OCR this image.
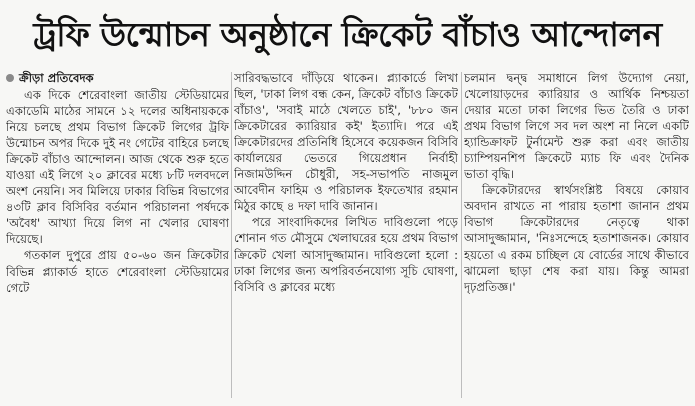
ট্রফি উন্মোচন অনুষ্ঠানে ক্রিকেট বাঁচাও আন্দোলন
ক্রীড়া প্রতিবেদক

এক দিকে শেরেবাংলা জাতীয় স্টেডিয়ামের একাডেমি মাঠের সামনে ১২ দলের অধিনায়ককে নিয়ে চলছে প্রথম বিভাগ ক্রিকেট লিগের ট্রফি উন্মোচন অপর দিকে দুই নং গেটের বাহিরে চলছে ক্রিকেট বাঁচাও আন্দোলন। আজ থেকে শুরু হতে যাওয়া এই লিগে ২০ ক্লাবের মধ্যে ৮টি দলবদলে অংশ নেয়নি। সব মিলিয়ে ঢাকার বিভিন্ন বিভাগের ৪৩টি ক্লাব বিসিবির বর্তমান পরিচালনা পর্ষদকে 'অবৈধ' আখ্যা দিয়ে লিগ না খেলার ঘোষণা দিয়েছে।

গতকাল দুপুরে প্রায় ৫০-৬০ জন ক্রিকেটার বিভিন্ন প্ল্যাকার্ড হাতে শেরেবাংলা স্টেডিয়ামের গেটে

সারিবদ্ধভাবে দাঁড়িয়ে থাকেন। প্ল্যাকার্ডে লিখা ছিল, 'ঢাকা লিগ বন্ধ কেন, ক্রিকেট বাঁচাও ক্রিকেট বাঁচাও', 'সবাই মাঠে খেলতে চাই', '৮৮০ জন ক্রিকেটারের ক্যারিয়ার কই' ইত্যাদি। পরে এই ক্রিকেটারদের প্রতিনিধি হিসেবে কয়েকজন বিসিবি কার্যালয়ের ভেতরে গিয়েপ্রধান নির্বাহী নিজামউদ্দিন চৌধুরী, সহ-সভাপতি নাজমুল আবেদীন ফাহিম ও পরিচালক ইফতেখার রহমান মিঠুর কাছে ৪ দফা দাবি জানান।

পরে সাংবাদিকদের লিখিত দাবিগুলো পড়ে শোনান গত মৌসুমে খেলাঘরের হয়ে প্রথম বিভাগ ক্রিকেট খেলা আসাদুজ্জামান। দাবিগুলো হলো : ঢাকা লিগের জন্য অপরিবর্তনযোগ্য সূচি ঘোষণা, বিসিবি ও ক্লাবের মধ্যে

চলমান দ্বন্দ্ব সমাধানে লিগ উদ্যোগ নেয়া, খেলোয়াড়দের ক্যারিয়ার ও আর্থিক নিশ্চয়তা দেয়ার মতো ঢাকা লিগের ভিত তৈরি ও ঢাকা প্রথম বিভাগ লিগে সব দল অংশ না নিলে একটি হ্যান্ডিক্রাফট টুর্নামেন্ট শুরু করা এবং জাতীয় চ্যাম্পিয়নশিপ ক্রিকেটে ম্যাচ ফি এবং দৈনিক ভাতা বৃদ্ধি।

ক্রিকেটারদের স্বার্থসংশ্লিষ্ট বিষয়ে কোয়াব অবদান রাখতে না পারায় হতাশা জানান প্রথম বিভাগ ক্রিকেটারদের নেতৃত্বে থাকা আসাদুজ্জামান, 'নিঃসন্দেহে হতাশাজনক। কোয়াব হয়তো এ রকম চাচ্ছিল যে বোর্ডের সাথে কীভাবে ঝামেলা ছাড়া শেষ করা যায়। কিন্তু আমরা দৃঢ়প্রতিজ্ঞ।'
